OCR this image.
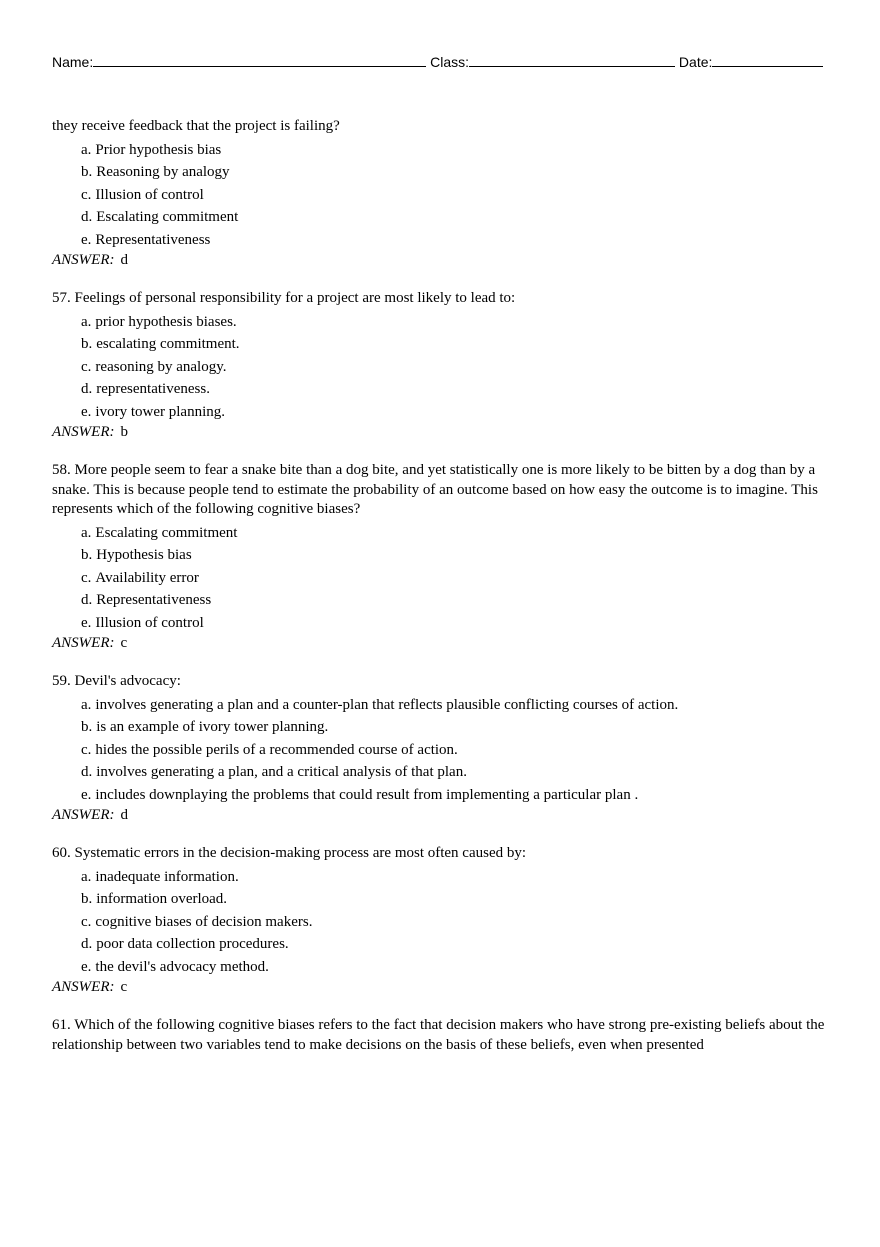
Name:	Class:	Date:

they receive feedback that the project is failing?

a. Prior hypothesis bias
b. Reasoning by analogy
c. Illusion of control
d. Escalating commitment
e. Representativeness

ANSWER: d

57. Feelings of personal responsibility for a project are most likely to lead to:

a. prior hypothesis biases.
b. escalating commitment.
c. reasoning by analogy.
d. representativeness.
e. ivory tower planning.

ANSWER: b

58. More people seem to fear a snake bite than a dog bite, and yet statistically one is more likely to be bitten by a dog than by a snake. This is because people tend to estimate the probability of an outcome based on how easy the outcome is to imagine. This represents which of the following cognitive biases?

a. Escalating commitment
b. Hypothesis bias
c. Availability error
d. Representativeness
e. Illusion of control

ANSWER: c

59. Devil's advocacy:

a. involves generating a plan and a counter-plan that reflects plausible conflicting courses of action.
b. is an example of ivory tower planning.
c. hides the possible perils of a recommended course of action.
d. involves generating a plan, and a critical analysis of that plan.
e. includes downplaying the problems that could result from implementing a particular plan .

ANSWER: d

60. Systematic errors in the decision-making process are most often caused by:

a. inadequate information.
b. information overload.
c. cognitive biases of decision makers.
d. poor data collection procedures.
e. the devil's advocacy method.

ANSWER: c

61. Which of the following cognitive biases refers to the fact that decision makers who have strong pre-existing beliefs about the relationship between two variables tend to make decisions on the basis of these beliefs, even when presented
